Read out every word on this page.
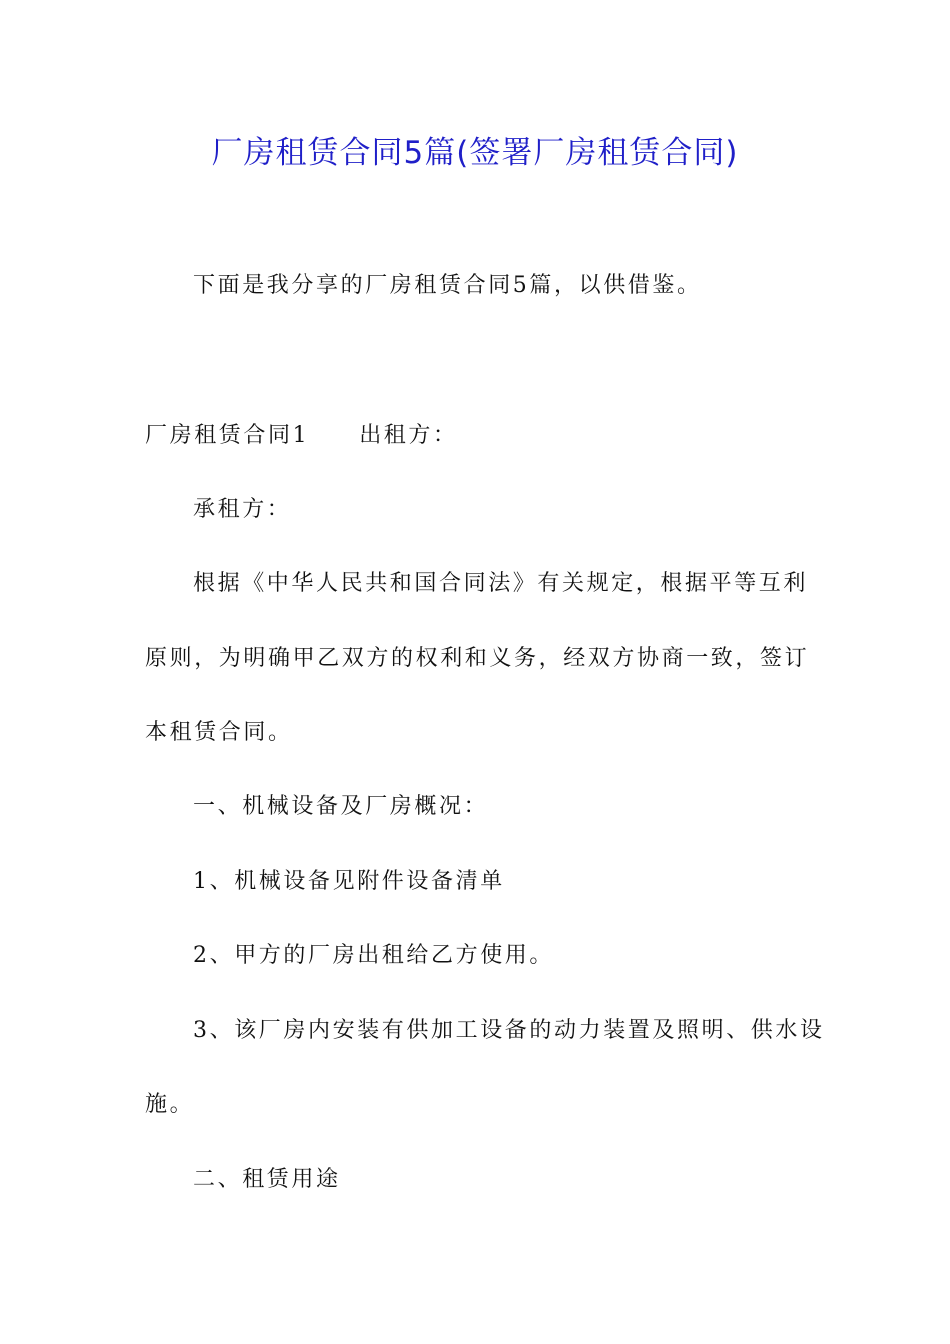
厂房租赁合同5篇(签署厂房租赁合同)
下面是我分享的厂房租赁合同5篇，以供借鉴。
厂房租赁合同1 出租方：
承租方：
根据《中华人民共和国合同法》有关规定，根据平等互利
原则，为明确甲乙双方的权利和义务，经双方协商一致，签订
本租赁合同。
一、机械设备及厂房概况：
1、机械设备见附件设备清单
2、甲方的厂房出租给乙方使用。
3、该厂房内安装有供加工设备的动力装置及照明、供水设
施。
二、租赁用途
